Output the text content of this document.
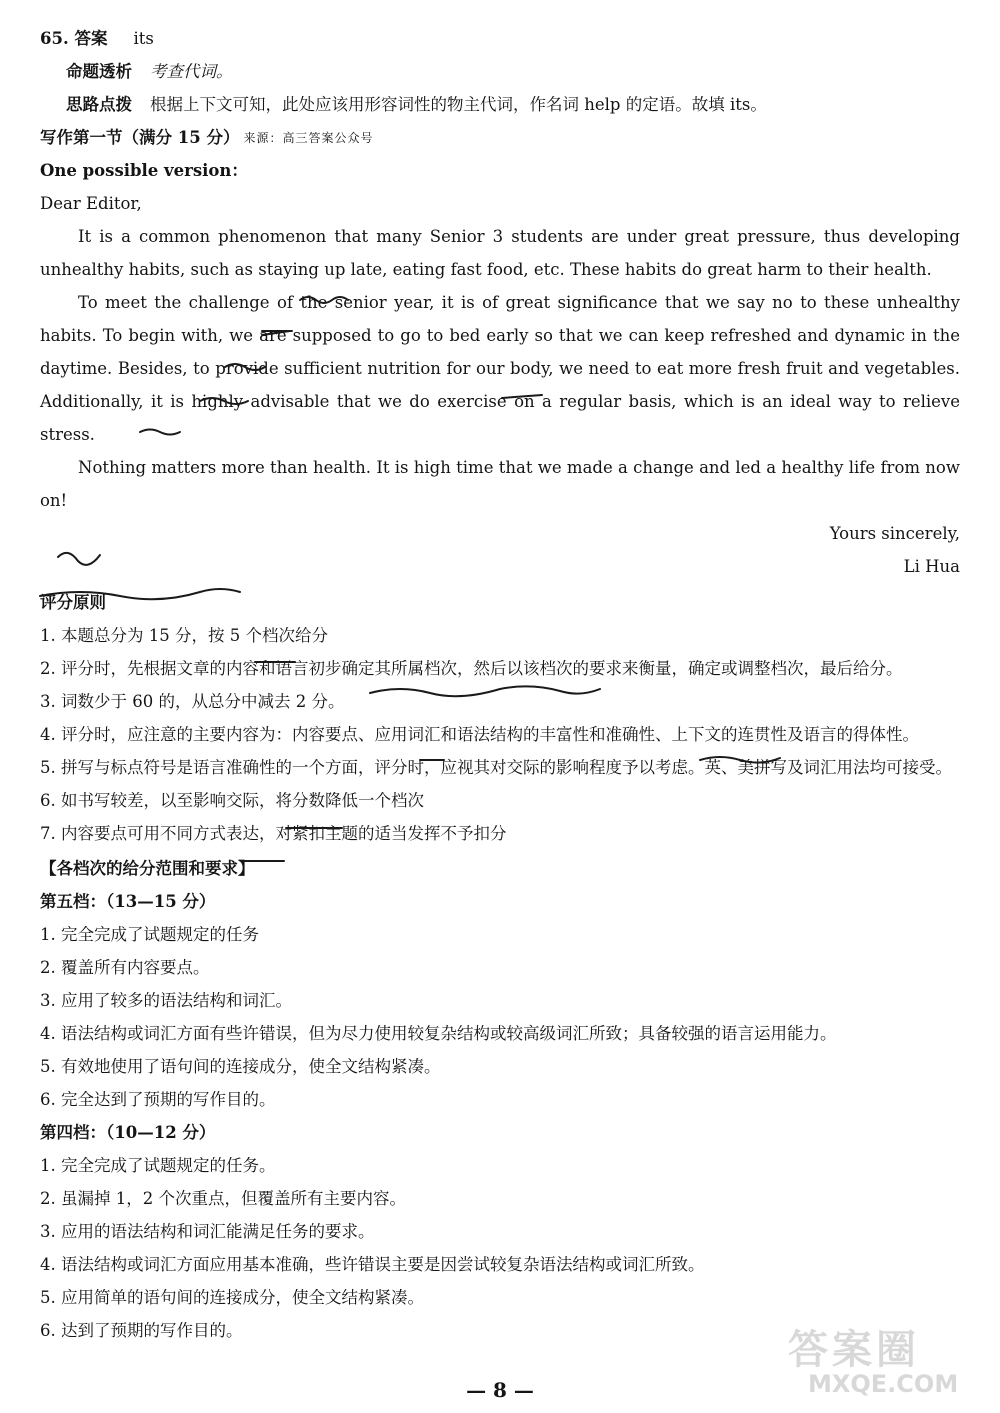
65. 答案 its
命题透析 考查代词。
思路点拨 根据上下文可知，此处应该用形容词性的物主代词，作名词 help 的定语。故填 its。
写作第一节（满分 15 分） 来源：高三答案公众号
One possible version：
Dear Editor,

It is a common phenomenon that many Senior 3 students are under great pressure, thus developing unhealthy habits, such as staying up late, eating fast food, etc. These habits do great harm to their health.

To meet the challenge of the senior year, it is of great significance that we say no to these unhealthy habits. To begin with, we are supposed to go to bed early so that we can keep refreshed and dynamic in the daytime. Besides, to provide sufficient nutrition for our body, we need to eat more fresh fruit and vegetables. Additionally, it is highly advisable that we do exercise on a regular basis, which is an ideal way to relieve stress.

Nothing matters more than health. It is high time that we made a change and led a healthy life from now on!

Yours sincerely,
Li Hua
评分原则

1. 本题总分为 15 分，按 5 个档次给分

2. 评分时，先根据文章的内容和语言初步确定其所属档次，然后以该档次的要求来衡量，确定或调整档次，最后给分。

3. 词数少于 60 的，从总分中减去 2 分。

4. 评分时，应注意的主要内容为：内容要点、应用词汇和语法结构的丰富性和准确性、上下文的连贯性及语言的得体性。

5. 拼写与标点符号是语言准确性的一个方面，评分时，应视其对交际的影响程度予以考虑。英、美拼写及词汇用法均可接受。

6. 如书写较差，以至影响交际，将分数降低一个档次

7. 内容要点可用不同方式表达，对紧扣主题的适当发挥不予扣分

【各档次的给分范围和要求】
第五档：（13—15 分）
1. 完全完成了试题规定的任务
2. 覆盖所有内容要点。
3. 应用了较多的语法结构和词汇。
4. 语法结构或词汇方面有些许错误，但为尽力使用较复杂结构或较高级词汇所致；具备较强的语言运用能力。
5. 有效地使用了语句间的连接成分，使全文结构紧凑。
6. 完全达到了预期的写作目的。
第四档：（10—12 分）
1. 完全完成了试题规定的任务。
2. 虽漏掉 1，2 个次重点，但覆盖所有主要内容。
3. 应用的语法结构和词汇能满足任务的要求。
4. 语法结构或词汇方面应用基本准确，些许错误主要是因尝试较复杂语法结构或词汇所致。
5. 应用简单的语句间的连接成分，使全文结构紧凑。
6. 达到了预期的写作目的。	答案圈
MXQE.COM
— 8 —
